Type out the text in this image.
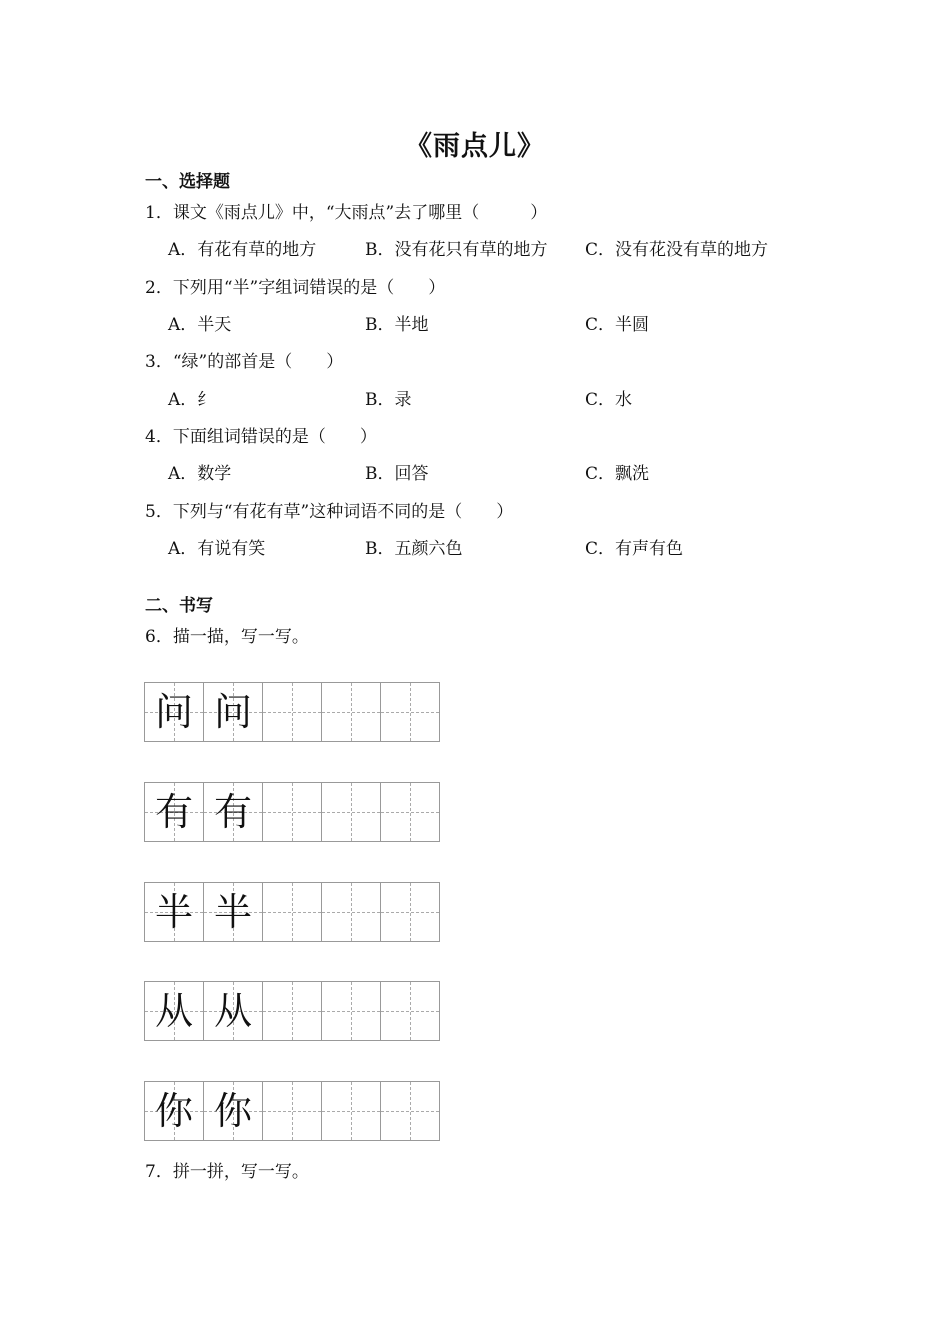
《雨点儿》
一、选择题
1．课文《雨点儿》中，“大雨点”去了哪里（　　　）
A．有花有草的地方	B．没有花只有草的地方 C．没有花没有草的地方
2．下列用“半”字组词错误的是（　　）
A．半天	B．半地	C．半圆
3．“绿”的部首是（　　）
A．纟	B．录	C．水
4．下面组词错误的是（　　）
A．数学	B．回答	C．飘洗
5．下列与“有花有草”这种词语不同的是（　　）
A．有说有笑	B．五颜六色	C．有声有色
二、书写
6．描一描，写一写。
问 问
有 有
半 半
从 从
你 你
7．拼一拼，写一写。
